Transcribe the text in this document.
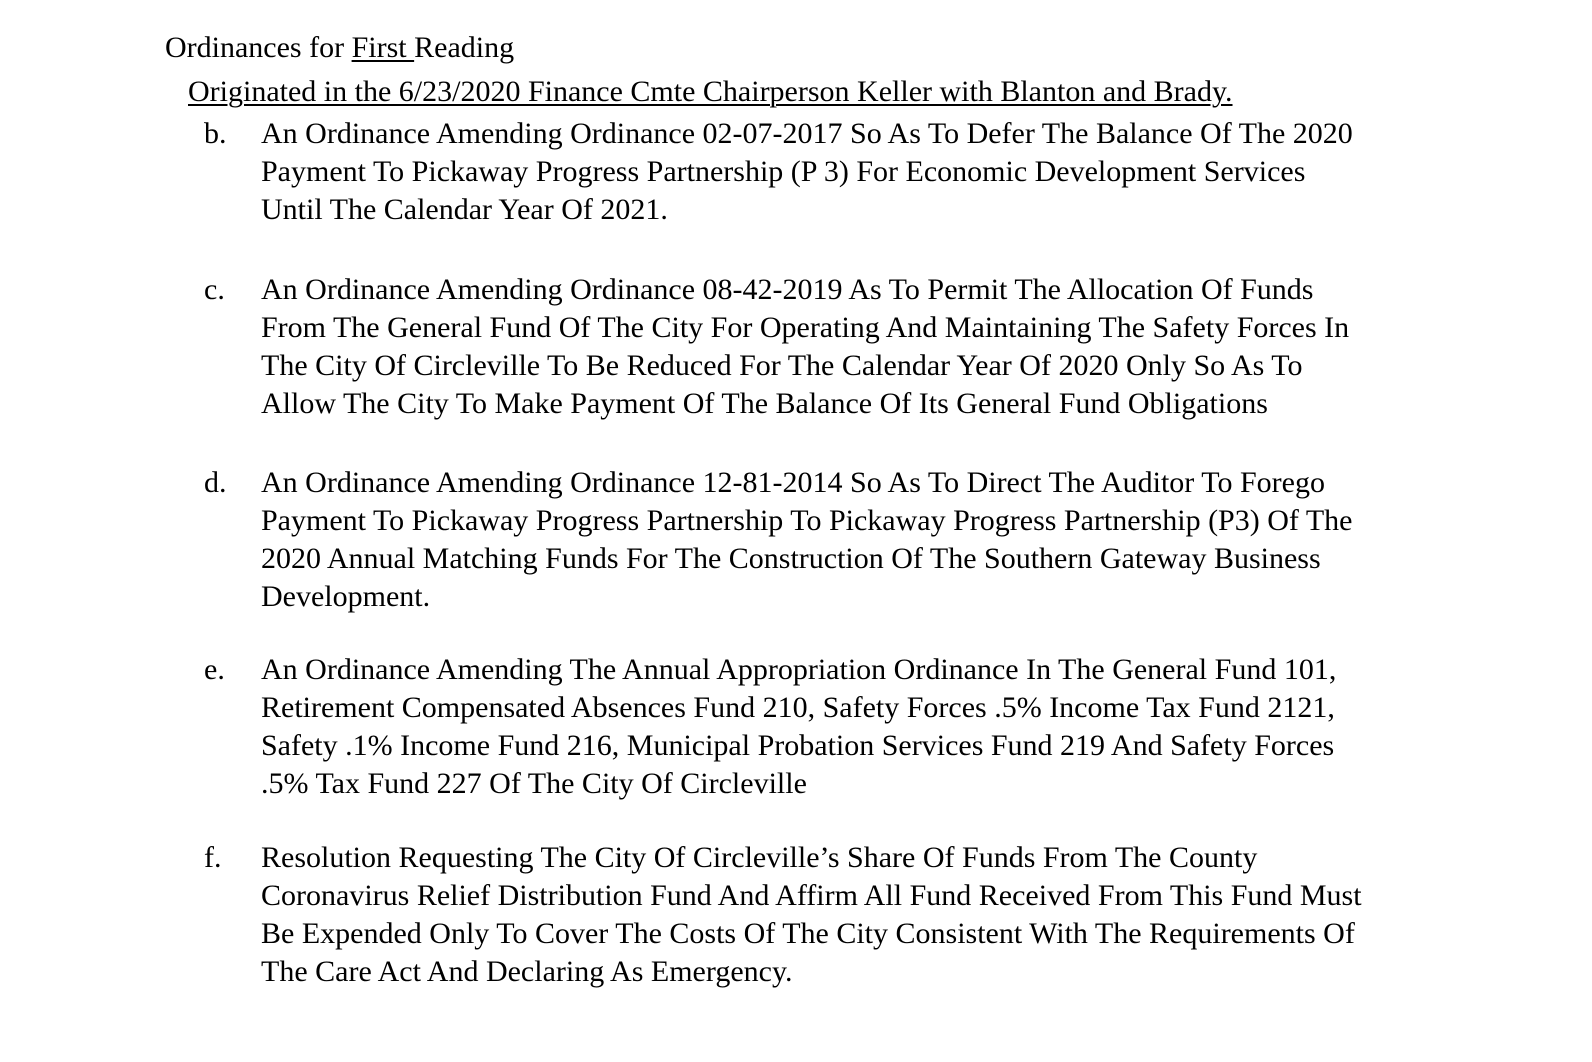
Ordinances for First Reading
Originated in the 6/23/2020 Finance Cmte Chairperson Keller with Blanton and Brady.
b.	An Ordinance Amending Ordinance 02-07-2017 So As To Defer The Balance Of The 2020
Payment To Pickaway Progress Partnership (P 3) For Economic Development Services
Until The Calendar Year Of 2021.
c.	An Ordinance Amending Ordinance 08-42-2019 As To Permit The Allocation Of Funds
From The General Fund Of The City For Operating And Maintaining The Safety Forces In
The City Of Circleville To Be Reduced For The Calendar Year Of 2020 Only So As To
Allow The City To Make Payment Of The Balance Of Its General Fund Obligations
d.	An Ordinance Amending Ordinance 12-81-2014 So As To Direct The Auditor To Forego
Payment To Pickaway Progress Partnership To Pickaway Progress Partnership (P3) Of The
2020 Annual Matching Funds For The Construction Of The Southern Gateway Business
Development.
e.	An Ordinance Amending The Annual Appropriation Ordinance In The General Fund 101,
Retirement Compensated Absences Fund 210, Safety Forces .5% Income Tax Fund 2121,
Safety .1% Income Fund 216, Municipal Probation Services Fund 219 And Safety Forces
.5% Tax Fund 227 Of The City Of Circleville
f.	Resolution Requesting The City Of Circleville’s Share Of Funds From The County
Coronavirus Relief Distribution Fund And Affirm All Fund Received From This Fund Must
Be Expended Only To Cover The Costs Of The City Consistent With The Requirements Of
The Care Act And Declaring As Emergency.
